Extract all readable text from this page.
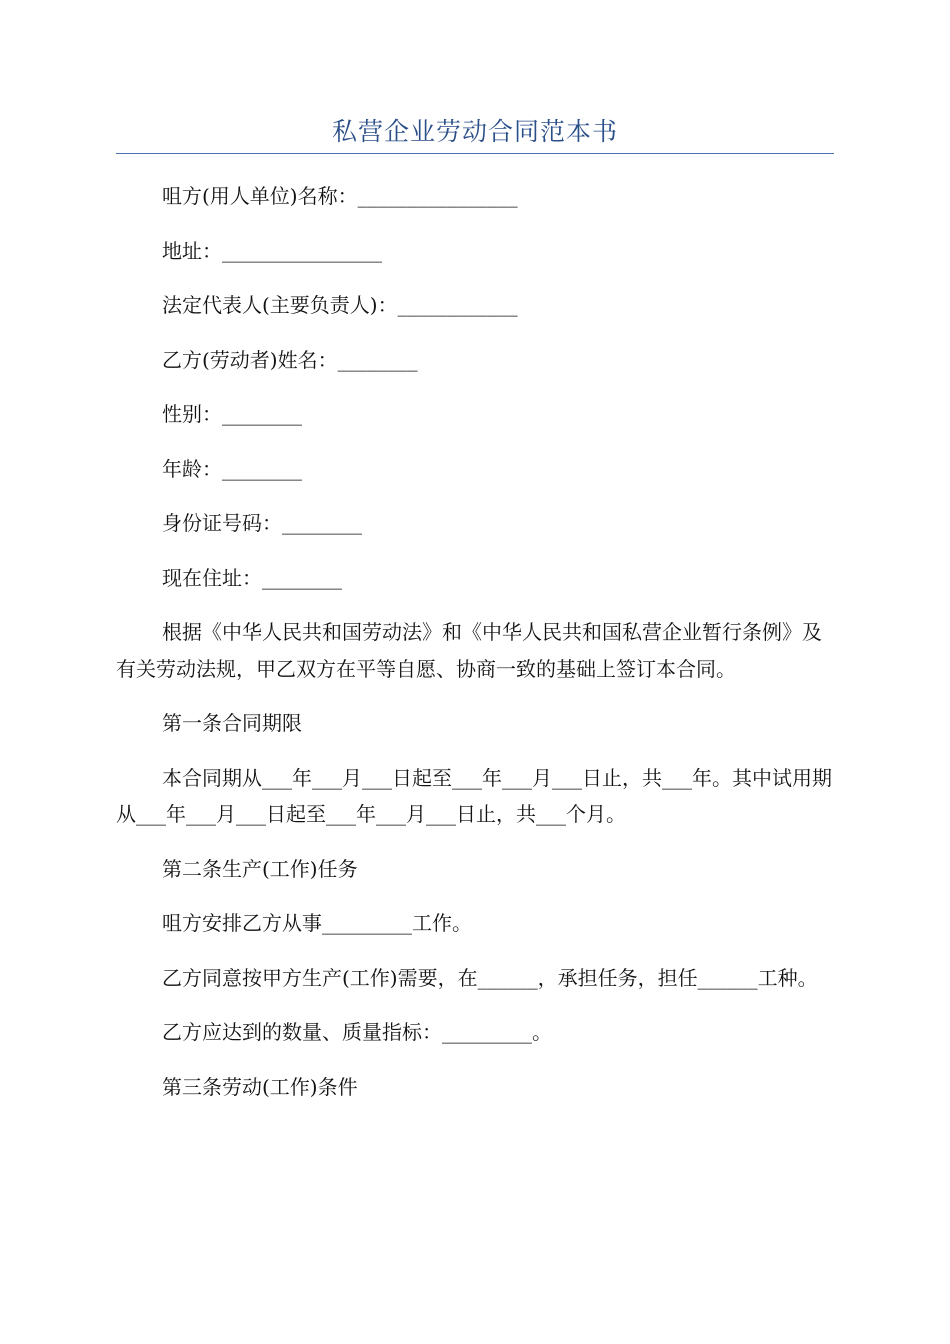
私营企业劳动合同范本书

咀方(用人单位)名称：________________

地址：________________

法定代表人(主要负责人)：____________

乙方(劳动者)姓名：________

性别：________

年龄：________

身份证号码：________

现在住址：________

根据《中华人民共和国劳动法》和《中华人民共和国私营企业暂行条例》及有关劳动法规，甲乙双方在平等自愿、协商一致的基础上签订本合同。

第一条合同期限

本合同期从___年___月___日起至___年___月___日止，共___年。其中试用期从___年___月___日起至___年___月___日止，共___个月。

第二条生产(工作)任务

咀方安排乙方从事_________工作。

乙方同意按甲方生产(工作)需要，在______，承担任务，担任______工种。

乙方应达到的数量、质量指标：_________。

第三条劳动(工作)条件
